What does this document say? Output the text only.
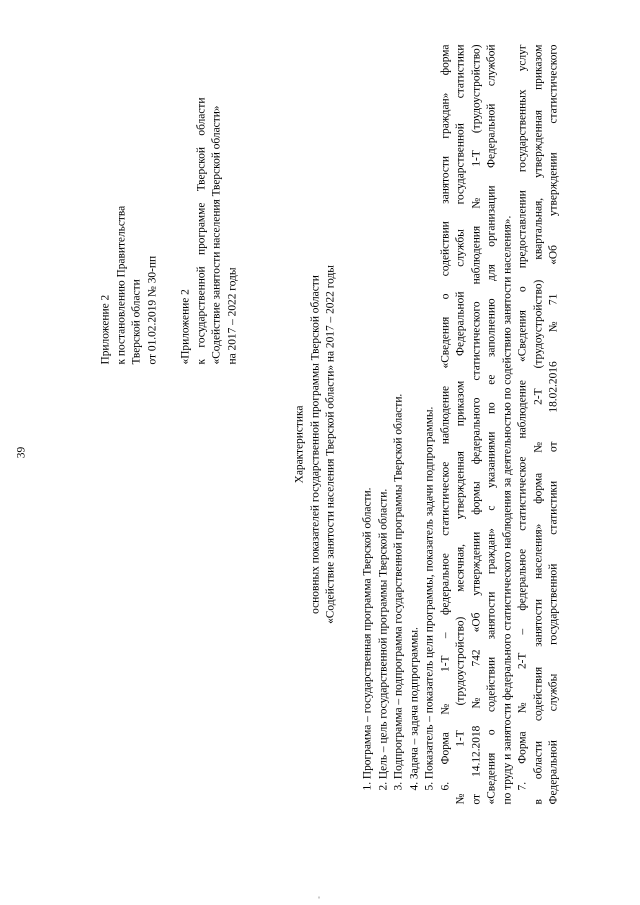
39
Приложение 2 к постановлению Правительства Тверской области от 01.02.2019 № 30-пп «Приложение 2 к    государственной    программе    Тверской    области «Содействие занятости населения Тверской области» на 2017 – 2022 годы
Характеристика основных показателей государственной программы Тверской области «Содействие занятости населения Тверской области» на 2017 – 2022 годы
1. Программа – государственная программа Тверской области. 2. Цель – цель государственной программы Тверской области. 3. Подпрограмма – подпрограмма государственной программы Тверской области. 4. Задача – задача подпрограммы. 5. Показатель – показатель цели программы, показатель задачи подпрограммы. 6. Форма № 1-Т – федеральное статистическое наблюдение «Сведения о содействии занятости граждан» форма № 1-Т (трудоустройство) месячная, утвержденная приказом Федеральной службы государственной статистики от 14.12.2018 № 742 «Об утверждении формы федерального статистического наблюдения № 1-Т (трудоустройство) «Сведения о содействии занятости граждан» с указаниями по ее заполнению для организации Федеральной службой по труду и занятости федерального статистического наблюдения за деятельностью по содействию занятости населения». 7. Форма № 2-Т – федеральное статистическое наблюдение «Сведения о предоставлении государственных услуг в области содействия занятости населения» форма № 2-Т (трудоустройство) квартальная, утвержденная приказом Федеральной   службы   государственной   статистики   от   18.02.2016   № 71   «Об   утверждении   статистического
